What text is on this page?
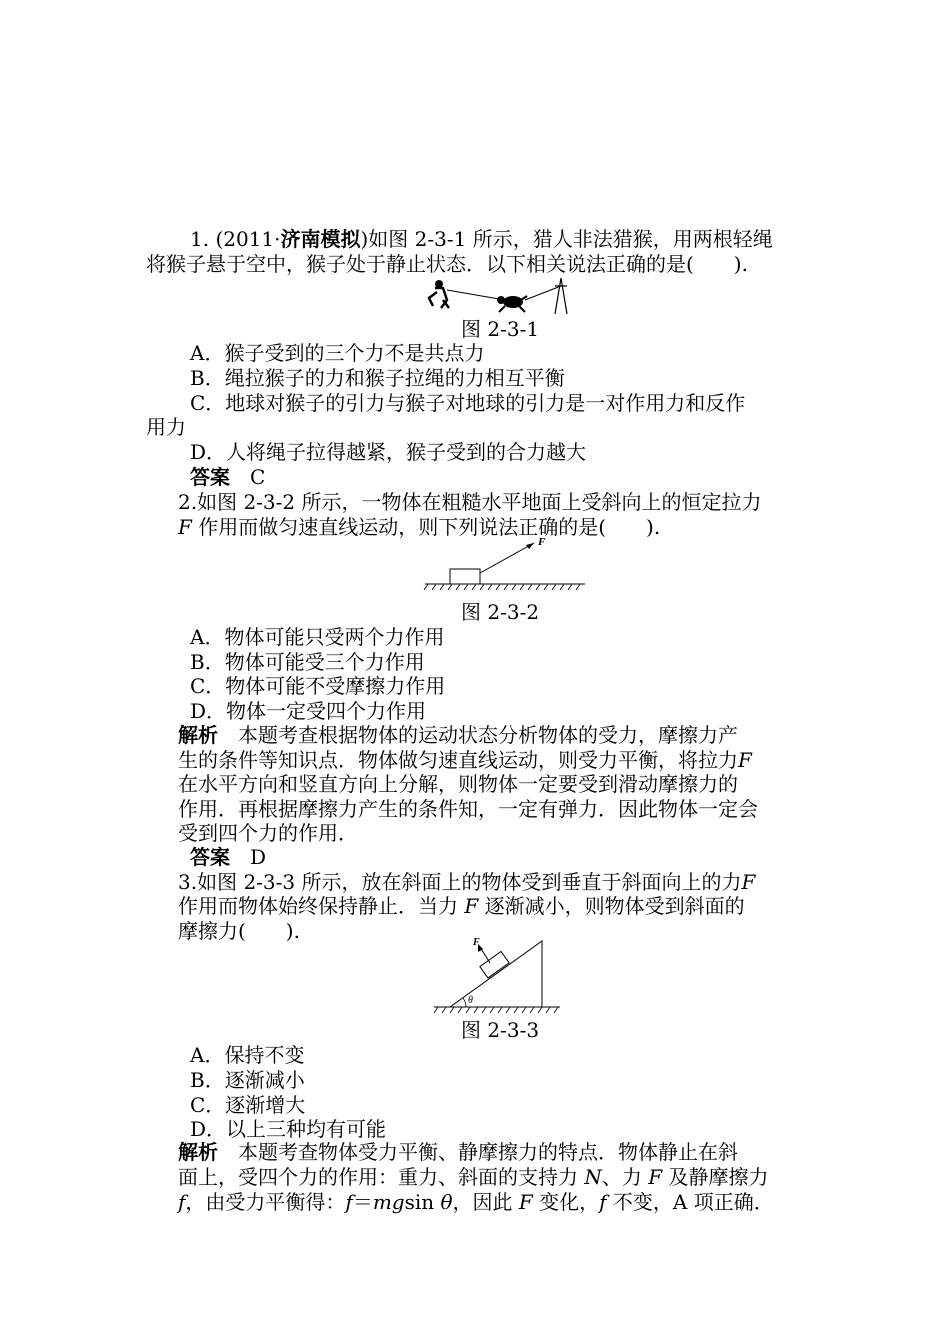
1. (2011·济南模拟)如图 2-3-1 所示，猎人非法猎猴，用两根轻绳
将猴子悬于空中，猴子处于静止状态．以下相关说法正确的是(　　).
图 2-3-1
A．猴子受到的三个力不是共点力
B．绳拉猴子的力和猴子拉绳的力相互平衡
C．地球对猴子的引力与猴子对地球的引力是一对作用力和反作
用力
D．人将绳子拉得越紧，猴子受到的合力越大
答案　 C
2.如图 2-3-2 所示，一物体在粗糙水平地面上受斜向上的恒定拉力
F 作用而做匀速直线运动，则下列说法正确的是(　　).
F
图 2-3-2
A．物体可能只受两个力作用
B．物体可能受三个力作用
C．物体可能不受摩擦力作用
D．物体一定受四个力作用
解析　本题考查根据物体的运动状态分析物体的受力，摩擦力产
生的条件等知识点．物体做匀速直线运动，则受力平衡，将拉力F
在水平方向和竖直方向上分解，则物体一定要受到滑动摩擦力的
作用．再根据摩擦力产生的条件知，一定有弹力．因此物体一定会
受到四个力的作用．
答案　 D
3.如图 2-3-3 所示，放在斜面上的物体受到垂直于斜面向上的力F
作用而物体始终保持静止．当力 F 逐渐减小，则物体受到斜面的
摩擦力(　　).	F
θ
图 2-3-3
A．保持不变
B．逐渐减小
C．逐渐增大
D．以上三种均有可能
解析　本题考查物体受力平衡、静摩擦力的特点．物体静止在斜
面上，受四个力的作用：重力、斜面的支持力 N、力 F 及静摩擦力
f，由受力平衡得：f＝mgsin θ，因此 F 变化，f 不变，A 项正确．
